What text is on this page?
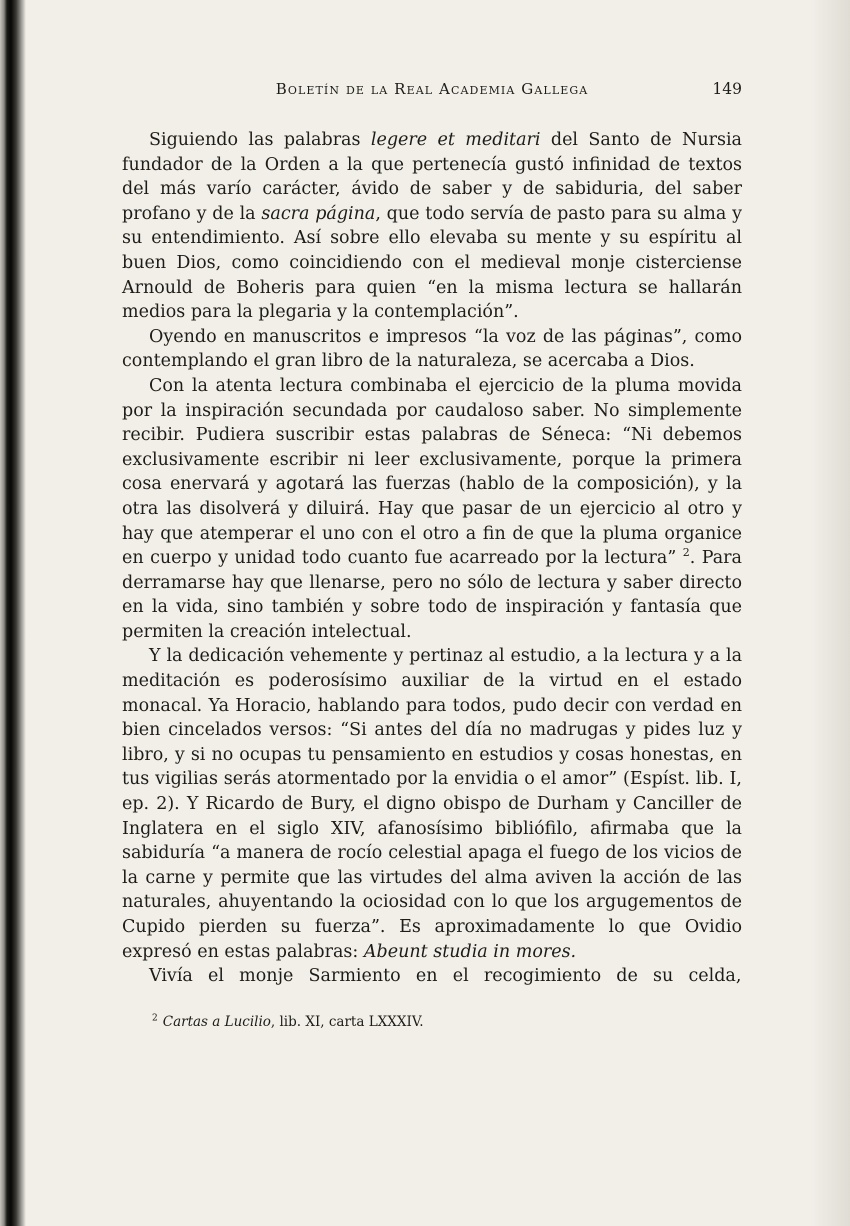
Boletín de la Real Academia Gallega	149

Siguiendo las palabras legere et meditari del Santo de Nursia fundador de la Orden a la que pertenecía gustó infinidad de textos del más varío carácter, ávido de saber y de sabiduria, del saber profano y de la sacra página, que todo servía de pasto para su alma y su entendimiento. Así sobre ello elevaba su mente y su espíritu al buen Dios, como coincidiendo con el medieval monje cisterciense Arnould de Boheris para quien “en la misma lectura se hallarán medios para la plegaria y la contemplación”.

Oyendo en manuscritos e impresos “la voz de las páginas”, como contemplando el gran libro de la naturaleza, se acercaba a Dios.

Con la atenta lectura combinaba el ejercicio de la pluma movida por la inspiración secundada por caudaloso saber. No simplemente recibir. Pudiera suscribir estas palabras de Séneca: “Ni debemos exclusivamente escribir ni leer exclusivamente, porque la primera cosa enervará y agotará las fuerzas (hablo de la composición), y la otra las disolverá y diluirá. Hay que pasar de un ejercicio al otro y hay que atemperar el uno con el otro a fin de que la pluma organice en cuerpo y unidad todo cuanto fue acarreado por la lectura” $^2$. Para derramarse hay que llenarse, pero no sólo de lectura y saber directo en la vida, sino también y sobre todo de inspiración y fantasía que permiten la creación intelectual.

Y la dedicación vehemente y pertinaz al estudio, a la lectura y a la meditación es poderosísimo auxiliar de la virtud en el estado monacal. Ya Horacio, hablando para todos, pudo decir con verdad en bien cincelados versos: “Si antes del día no madrugas y pides luz y libro, y si no ocupas tu pensamiento en estudios y cosas honestas, en tus vigilias serás atormentado por la envidia o el amor” (Espíst. lib. I, ep. 2). Y Ricardo de Bury, el digno obispo de Durham y Canciller de Inglatera en el siglo XIV, afanosísimo bibliófilo, afirmaba que la sabiduría “a manera de rocío celestial apaga el fuego de los vicios de la carne y permite que las virtudes del alma aviven la acción de las naturales, ahuyentando la ociosidad con lo que los argugementos de Cupido pierden su fuerza”. Es aproximadamente lo que Ovidio expresó en estas palabras: Abeunt studia in mores.

Vivía el monje Sarmiento en el recogimiento de su celda,

$^2$ Cartas a Lucilio, lib. XI, carta LXXXIV.
